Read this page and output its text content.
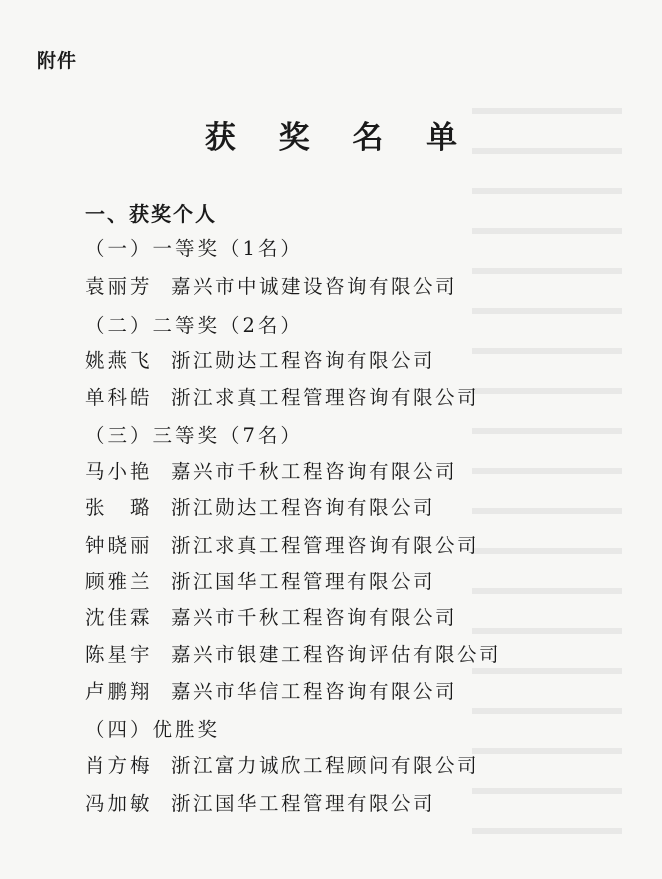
附件
获 奖 名 单
一、获奖个人
（一）一等奖（1名）
袁丽芳 嘉兴市中诚建设咨询有限公司
（二）二等奖（2名）
姚燕飞 浙江勋达工程咨询有限公司
单科皓 浙江求真工程管理咨询有限公司
（三）三等奖（7名）
马小艳 嘉兴市千秋工程咨询有限公司
张　璐 浙江勋达工程咨询有限公司
钟晓丽 浙江求真工程管理咨询有限公司
顾雅兰 浙江国华工程管理有限公司
沈佳霖 嘉兴市千秋工程咨询有限公司
陈星宇 嘉兴市银建工程咨询评估有限公司
卢鹏翔 嘉兴市华信工程咨询有限公司
（四）优胜奖
肖方梅 浙江富力诚欣工程顾问有限公司
冯加敏 浙江国华工程管理有限公司
